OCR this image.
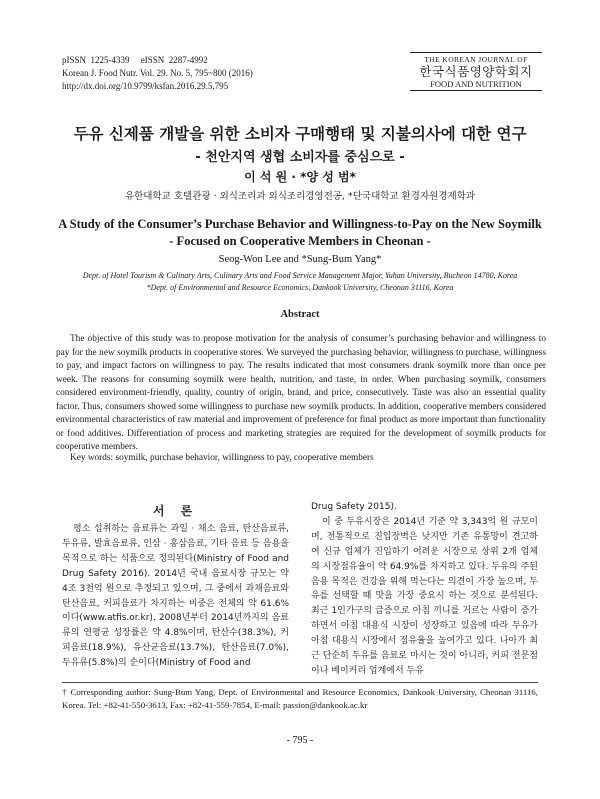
pISSN  1225-4339     eISSN  2287-4992
Korean J. Food Nutr. Vol. 29. No. 5, 795~800 (2016)
http://dx.doi.org/10.9799/ksfan.2016.29.5.795
THE KOREAN JOURNAL OF
한국식품영양학회지
FOOD AND NUTRITION
두유 신제품 개발을 위한 소비자 구매행태 및 지불의사에 대한 연구
- 천안지역 생협 소비자를 중심으로 -
이 석 원 · *양 성 범*
유한대학교 호텔관광 · 외식조리과 외식조리경영전공, *단국대학교 환경자원경제학과
A Study of the Consumer’s Purchase Behavior and Willingness-to-Pay on the New Soymilk
- Focused on Cooperative Members in Cheonan -
Seog-Won Lee and *Sung-Bum Yang*
Dept. of Hotel Tourism & Culinary Arts, Culinary Arts and Food Service Management Major, Yuhan University, Bucheon 14780, Korea
*Dept. of Environmental and Resource Economics, Dankook University, Cheonan 31116, Korea
Abstract

The objective of this study was to propose motivation for the analysis of consumer’s purchasing behavior and willingness to pay for the new soymilk products in cooperative stores. We surveyed the purchasing behavior, willingness to purchase, willingness to pay, and impact factors on willingness to pay. The results indicated that most consumers drank soymilk more than once per week. The reasons for consuming soymilk were health, nutrition, and taste, in order. When purchasing soymilk, consumers considered environment-friendly, quality, country of origin, brand, and price, consecutively. Taste was also an essential quality factor. Thus, consumers showed some willingness to purchase new soymilk products. In addition, cooperative members considered environmental characteristics of raw material and improvement of preference for final product as more important than functionality or food additives. Differentiation of process and marketing strategies are required for the development of soymilk products for cooperative members.

Key words: soymilk, purchase behavior, willingness to pay, cooperative members
서 론

평소 섭취하는 음료류는 과일 · 채소 음료, 탄산음료류, 두유류, 발효음료류, 인삼 · 홍삼음료, 기타 음료 등 음용을 목적으로 하는 식품으로 정의된다(Ministry of Food and Drug Safety 2016). 2014년 국내 음료시장 규모는 약 4조 3천억 원으로 추정되고 있으며, 그 중에서 과채음료와 탄산음료, 커피음료가 차지하는 비중은 전체의 약 61.6%이다(www.atfis.or.kr). 2008년부터 2014년까지의 음료류의 연평균 성장률은 약 4.8%이며, 탄산수(38.3%), 커피음료(18.9%), 유산균음료(13.7%), 탄산음료(7.0%), 두유류(5.8%)의 순이다(Ministry of Food and

Drug Safety 2015).

이 중 두유시장은 2014년 기준 약 3,343억 원 규모이며, 전통적으로 진입장벽은 낮지만 기존 유통망이 견고하여 신규 업체가 진입하기 어려운 시장으로 상위 2개 업체의 시장점유율이 약 64.9%를 차지하고 있다. 두유의 주된 음용 목적은 건강을 위해 먹는다는 의견이 가장 높으며, 두유를 선택할 때 맛을 가장 중요시 하는 것으로 분석된다. 최근 1인가구의 급증으로 아침 끼니를 거르는 사람이 증가하면서 아침 대용식 시장이 성장하고 있음에 따라 두유가 아침 대용식 시장에서 점유율을 높여가고 있다. 나아가 최근 단순히 두유를 음료로 마시는 것이 아니라, 커피 전문점이나 베이커리 업계에서 두유

† Corresponding author: Sung-Bum Yang, Dept. of Environmental and Resource Economics, Dankook University, Cheonan 31116, Korea. Tel: +82-41-550-3613, Fax: +82-41-559-7854, E-mail: passion@dankook.ac.kr
- 795 -
